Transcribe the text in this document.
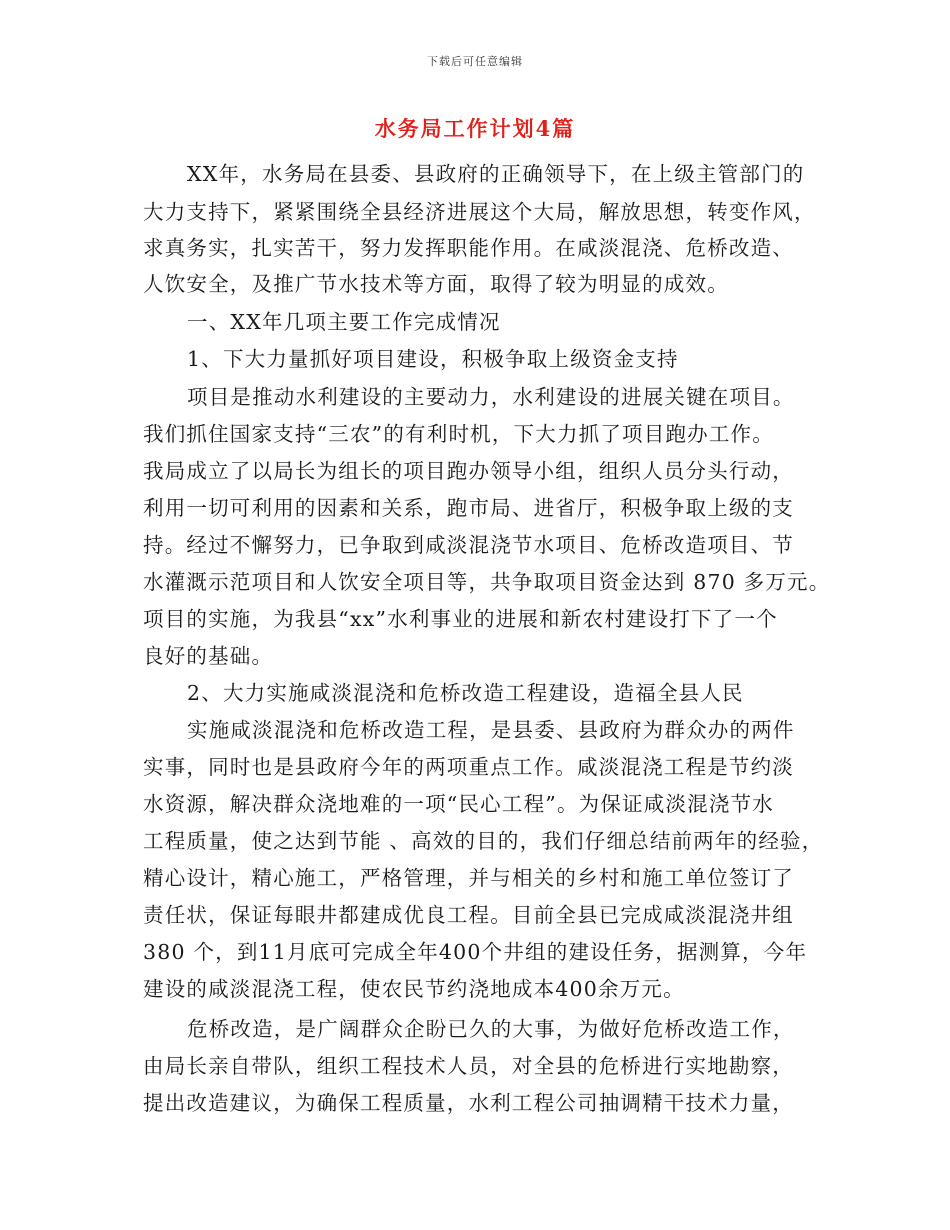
下载后可任意编辑
水务局工作计划4篇
XX年，水务局在县委、县政府的正确领导下，在上级主管部门的
大力支持下，紧紧围绕全县经济进展这个大局，解放思想，转变作风，
求真务实，扎实苦干，努力发挥职能作用。在咸淡混浇、危桥改造、
人饮安全，及推广节水技术等方面，取得了较为明显的成效。
一、XX年几项主要工作完成情况
1、下大力量抓好项目建设，积极争取上级资金支持
项目是推动水利建设的主要动力，水利建设的进展关键在项目。
我们抓住国家支持“三农”的有利时机，下大力抓了项目跑办工作。
我局成立了以局长为组长的项目跑办领导小组，组织人员分头行动，
利用一切可利用的因素和关系，跑市局、进省厅，积极争取上级的支
持。经过不懈努力，已争取到咸淡混浇节水项目、危桥改造项目、节
水灌溉示范项目和人饮安全项目等，共争取项目资金达到 870 多万元。
项目的实施，为我县“xx”水利事业的进展和新农村建设打下了一个
良好的基础。
2、大力实施咸淡混浇和危桥改造工程建设，造福全县人民
实施咸淡混浇和危桥改造工程，是县委、县政府为群众办的两件
实事，同时也是县政府今年的两项重点工作。咸淡混浇工程是节约淡
水资源，解决群众浇地难的一项“民心工程”。为保证咸淡混浇节水
工程质量，使之达到节能 、高效的目的，我们仔细总结前两年的经验，
精心设计，精心施工，严格管理，并与相关的乡村和施工单位签订了
责任状，保证每眼井都建成优良工程。目前全县已完成咸淡混浇井组
380 个，到11月底可完成全年400个井组的建设任务，据测算，今年
建设的咸淡混浇工程，使农民节约浇地成本400余万元。
危桥改造，是广阔群众企盼已久的大事，为做好危桥改造工作，
由局长亲自带队，组织工程技术人员，对全县的危桥进行实地勘察，
提出改造建议，为确保工程质量，水利工程公司抽调精干技术力量，
